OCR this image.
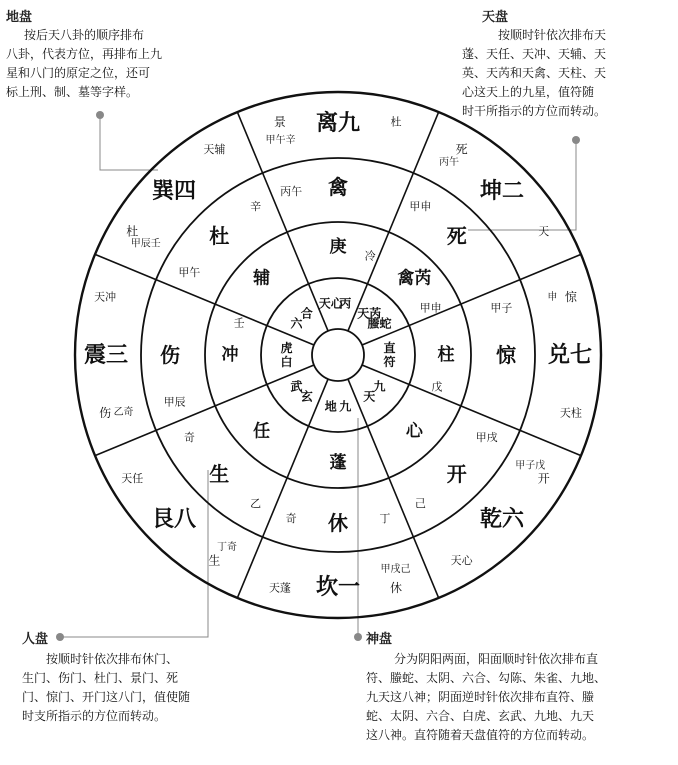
地盘
按后天八卦的顺序排布
八卦，代表方位，再排布上九
星和八门的原定之位，还可
标上刑、制、墓等字样。
天盘
按顺时针依次排布天
蓬、天任、天冲、天辅、天
英、天芮和天禽、天柱、天
心这天上的九星，值符随
时干所指示的方位而转动。
人盘
按顺时针依次排布休门、
生门、伤门、杜门、景门、死
门、惊门、开门这八门，值使随
时支所指示的方位而转动。
神盘
分为阴阳两面，阳面顺时针依次排布直
符、螣蛇、太阴、六合、勾陈、朱雀、九地、
九天这八神；阴面逆时针依次排布直符、螣
蛇、太阴、六合、白虎、玄武、九地、九天
这八神。直符随着天盘值符的方位而转动。
离九
景	杜
丙午
禽
丙午
庚 冷
天心
丙
坤二
死
天
申
死
甲申
禽芮
甲申
天芮
螣蛇
兑七
惊
天柱
甲子戊
惊
甲子
柱
戊
直
符
乾六
开
天心
甲戌己
开
甲戌
己
心
九
天
坎一	休
天蓬
丁奇
休	丁
奇
蓬
九
地
艮八
生
天任
乙奇
生
乙
奇	任
玄
武
震三
伤
天冲
甲辰壬
伤
甲辰
冲
壬
白
虎
巽四
杜
天辅
甲午辛
杜
甲午
辛
辅
六
合
